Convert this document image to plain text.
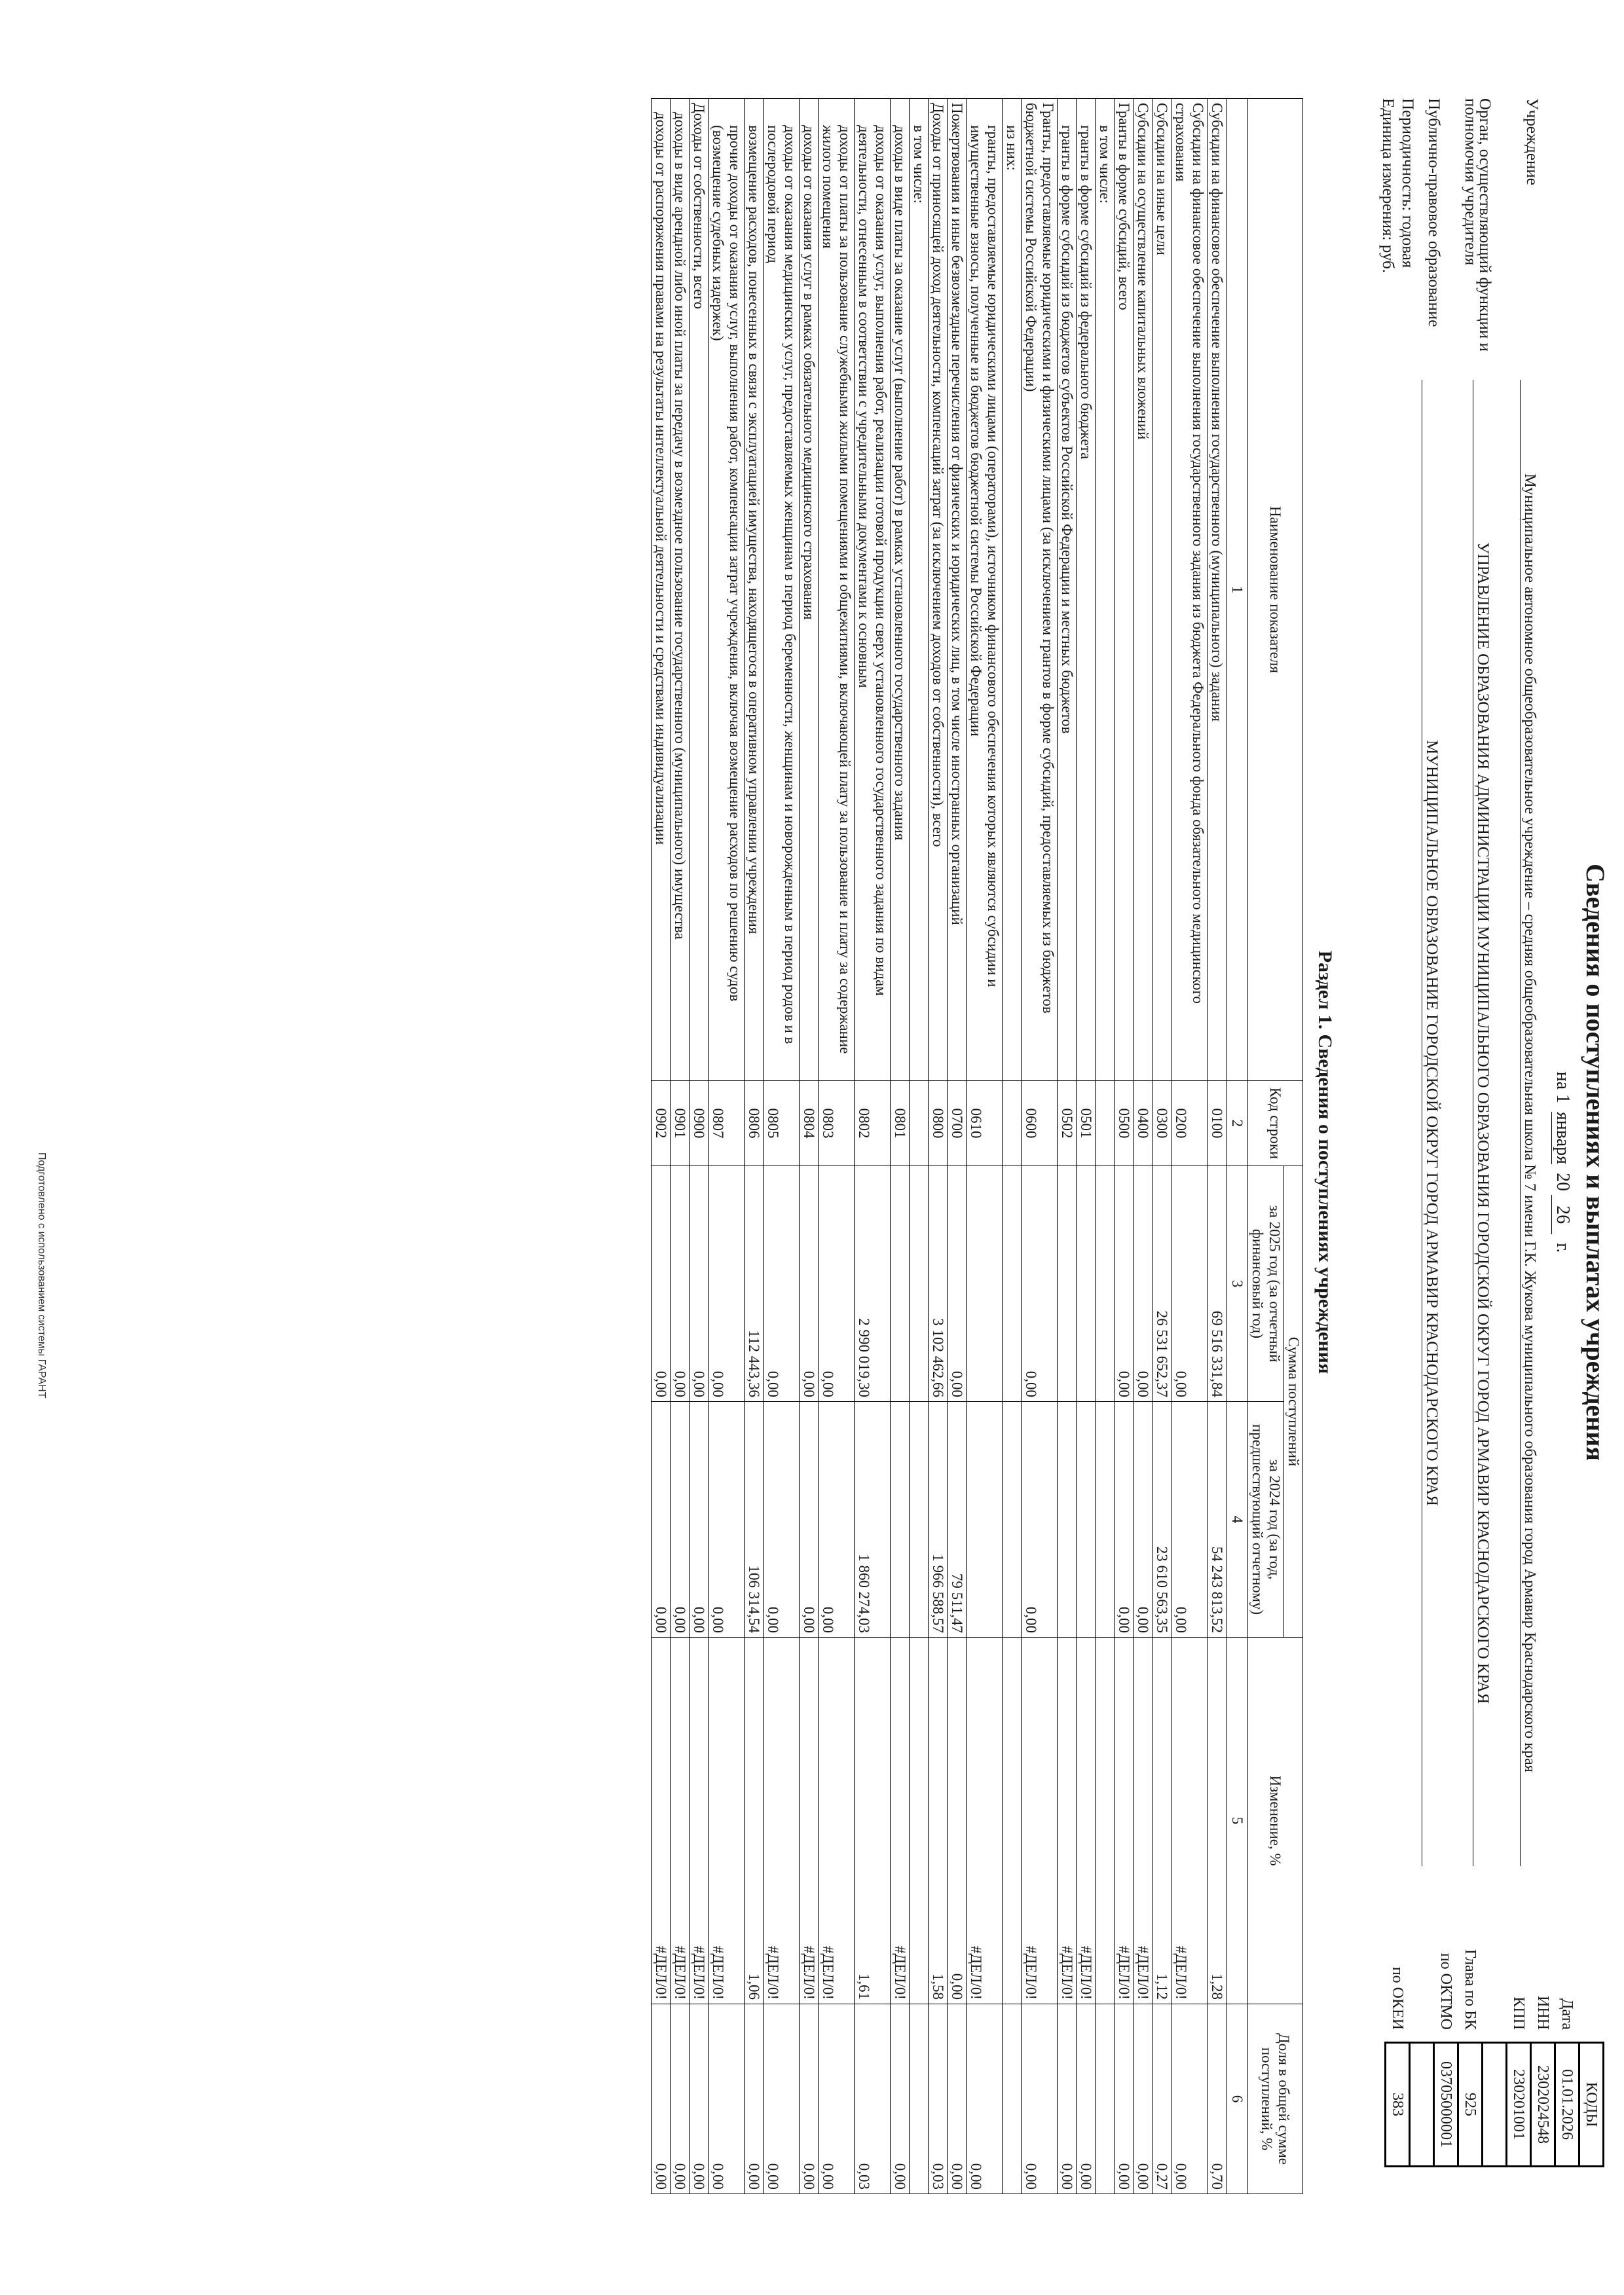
Подготовлено с использованием системы ГАРАНТ	Сведения о поступлениях и выплатах учреждения
на 1 января 2026 г.
	КОДЫ
Дата	01.01.2026
ИНН	2302024548
КПП	230201001

Глава по БК	925
по ОКТМО	03705000001

по ОКЕИ	383
Учреждение
Муниципальное автономное общеобразовательное учреждение – средняя общеобразовательная школа № 7 имени Г.К. Жукова муниципального образования город Армавир Краснодарского края
Орган, осуществляющий функции и полномочия учредителя
УПРАВЛЕНИЕ ОБРАЗОВАНИЯ АДМИНИСТРАЦИИ МУНИЦИПАЛЬНОГО ОБРАЗОВАНИЯ ГОРОДСКОЙ ОКРУГ ГОРОД АРМАВИР КРАСНОДАРСКОГО КРАЯ
Публично-правовое образование
МУНИЦИПАЛЬНОЕ ОБРАЗОВАНИЕ ГОРОДСКОЙ ОКРУГ ГОРОД АРМАВИР КРАСНОДАРСКОГО КРАЯ
Периодичность: годовая
Единица измерения: руб.
Раздел 1. Сведения о поступлениях учреждения
Наименование показателя	Код строки	Сумма поступлений		Изменение, %	Доля в общей сумме поступлений, %
		за 2025 год (за отчетный финансовый год)	за 2024 год (за год, предшествующий отчетному)		
1	2	3	4	5	6
Субсидии на финансовое обеспечение выполнения государственного (муниципального) задания	0100	69 516 331,84	54 243 813,52	1,28	0,70
Субсидии на финансовое обеспечение выполнения государственного задания из бюджета Федерального фонда обязательного медицинского страхования	0200	0,00	0,00	#ДЕЛ/0!	0,00
Субсидии на иные цели	0300	26 531 652,37	23 610 563,35	1,12	0,27
Субсидии на осуществление капитальных вложений	0400	0,00	0,00	#ДЕЛ/0!	0,00
Гранты в форме субсидий, всего	0500	0,00	0,00	#ДЕЛ/0!	0,00
в том числе:					
гранты в форме субсидий из федерального бюджета	0501			#ДЕЛ/0!	0,00
гранты в форме субсидий из бюджетов субъектов Российской Федерации и местных бюджетов	0502			#ДЕЛ/0!	0,00
Гранты, предоставляемые юридическими и физическими лицами (за исключением грантов в форме субсидий, предоставляемых из бюджетов бюджетной системы Российской Федерации)	0600	0,00	0,00	#ДЕЛ/0!	0,00
из них:					
гранты, предоставляемые юридическими лицами (операторами), источником финансового обеспечения которых являются субсидии и имущественные взносы, полученные из бюджетов бюджетной системы Российской Федерации	0610			#ДЕЛ/0!	0,00
Пожертвования и иные безвозмездные перечисления от физических и юридических лиц, в том числе иностранных организаций	0700	0,00	79 511,47	0,00	0,00
Доходы от приносящей доход деятельности, компенсаций затрат (за исключением доходов от собственности), всего	0800	3 102 462,66	1 966 588,57	1,58	0,03
в том числе:					
доходы в виде платы за оказание услуг (выполнение работ) в рамках установленного государственного задания	0801			#ДЕЛ/0!	0,00
доходы от оказания услуг, выполнения работ, реализации готовой продукции сверх установленного государственного задания по видам деятельности, отнесенным в соответствии с учредительными документами к основным	0802	2 990 019,30	1 860 274,03	1,61	0,03
доходы от платы за пользование служебными жилыми помещениями и общежитиями, включающей плату за пользование и плату за содержание жилого помещения	0803	0,00	0,00	#ДЕЛ/0!	0,00
доходы от оказания услуг в рамках обязательного медицинского страхования	0804	0,00	0,00	#ДЕЛ/0!	0,00
доходы от оказания медицинских услуг, предоставляемых женщинам в период беременности, женщинам и новорожденным в период родов и в послеродовой период	0805	0,00	0,00	#ДЕЛ/0!	0,00
возмещение расходов, понесенных в связи с эксплуатацией имущества, находящегося в оперативном управлении учреждения	0806	112 443,36	106 314,54	1,06	0,00
прочие доходы от оказания услуг, выполнения работ, компенсации затрат учреждения, включая возмещение расходов по решению судов (возмещение судебных издержек)	0807	0,00	0,00	#ДЕЛ/0!	0,00
Доходы от собственности, всего	0900	0,00	0,00	#ДЕЛ/0!	0,00
доходы в виде арендной либо иной платы за передачу в возмездное пользование государственного (муниципального) имущества	0901	0,00	0,00	#ДЕЛ/0!	0,00
доходы от распоряжения правами на результаты интеллектуальной деятельности и средствами индивидуализации	0902	0,00	0,00	#ДЕЛ/0!	0,00
